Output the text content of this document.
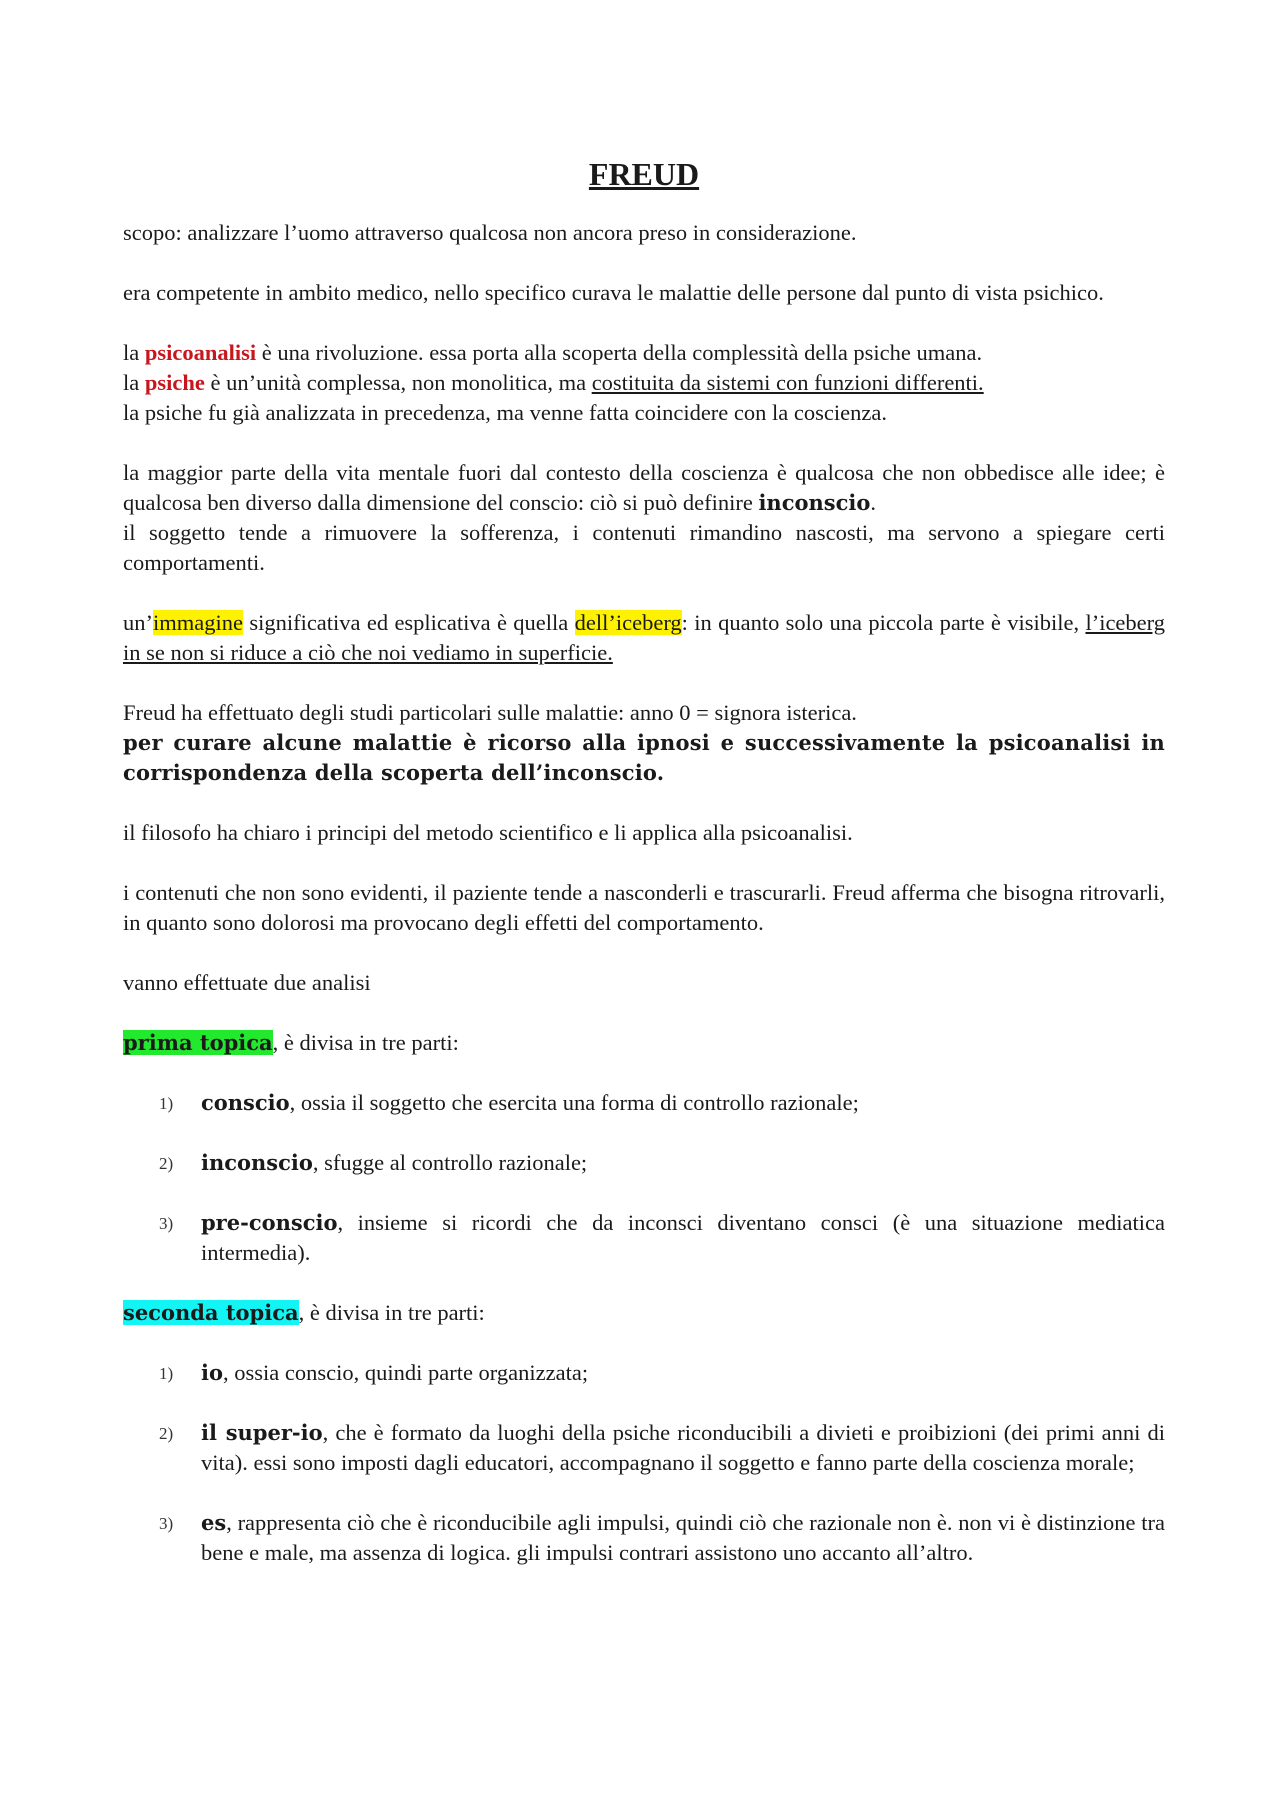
FREUD

scopo: analizzare l’uomo attraverso qualcosa non ancora preso in considerazione.

era competente in ambito medico, nello specifico curava le malattie delle persone dal punto di vista psichico.

la psicoanalisi è una rivoluzione. essa porta alla scoperta della complessità della psiche umana.
la psiche è un’unità complessa, non monolitica, ma costituita da sistemi con funzioni differenti.
la psiche fu già analizzata in precedenza, ma venne fatta coincidere con la coscienza.

la maggior parte della vita mentale fuori dal contesto della coscienza è qualcosa che non obbedisce alle idee; è qualcosa ben diverso dalla dimensione del conscio: ciò si può definire inconscio.
il soggetto tende a rimuovere la sofferenza, i contenuti rimandino nascosti, ma servono a spiegare certi comportamenti.

un’immagine significativa ed esplicativa è quella dell’iceberg: in quanto solo una piccola parte è visibile, l’iceberg in se non si riduce a ciò che noi vediamo in superficie.

Freud ha effettuato degli studi particolari sulle malattie: anno 0 = signora isterica.
per curare alcune malattie è ricorso alla ipnosi e successivamente la psicoanalisi in corrispondenza della scoperta dell’inconscio.

il filosofo ha chiaro i principi del metodo scientifico e li applica alla psicoanalisi.

i contenuti che non sono evidenti, il paziente tende a nasconderli e trascurarli. Freud afferma che bisogna ritrovarli, in quanto sono dolorosi ma provocano degli effetti del comportamento.

vanno effettuate due analisi

prima topica, è divisa in tre parti:

1) conscio, ossia il soggetto che esercita una forma di controllo razionale;
2) inconscio, sfugge al controllo razionale;
3) pre-conscio, insieme si ricordi che da inconsci diventano consci (è una situazione mediatica intermedia).

seconda topica, è divisa in tre parti:

1) io, ossia conscio, quindi parte organizzata;
2) il super-io, che è formato da luoghi della psiche riconducibili a divieti e proibizioni (dei primi anni di vita). essi sono imposti dagli educatori, accompagnano il soggetto e fanno parte della coscienza morale;
3) es, rappresenta ciò che è riconducibile agli impulsi, quindi ciò che razionale non è. non vi è distinzione tra bene e male, ma assenza di logica. gli impulsi contrari assistono uno accanto all’altro.
